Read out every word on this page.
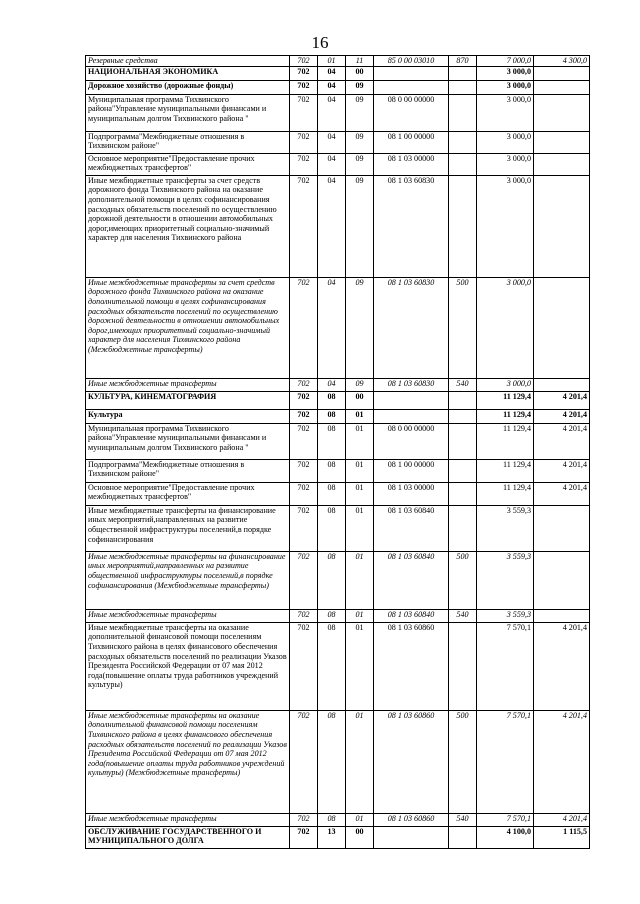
16
Резервные средства	702	01	11	85 0 00 03010	870	7 000,0	4 300,0
НАЦИОНАЛЬНАЯ ЭКОНОМИКА	702	04	00			3 000,0	
Дорожное хозяйство (дорожные фонды)	702	04	09			3 000,0	
Муниципальная программа Тихвинского района"Управление муниципальными финансами и муниципальным долгом Тихвинского района "	702	04	09	08 0 00 00000		3 000,0	
Подпрограмма"Межбюджетные отношения в Тихвинском районе"	702	04	09	08 1 00 00000		3 000,0	
Основное мероприятие"Предоставление прочих межбюджетных трансфертов"	702	04	09	08 1 03 00000		3 000,0	
Иные межбюджетные трансферты за счет средств дорожного фонда Тихвинского района на оказание дополнительной помощи в целях софинансирования расходных обязательств поселений по осуществлению дорожной деятельности в отношении автомобильных дорог,имеющих приоритетный социально-значимый характер для населения Тихвинского района	702	04	09	08 1 03 60830		3 000,0	
Иные межбюджетные трансферты за счет средств дорожного фонда Тихвинского района на оказание дополнительной помощи в целях софинансирования расходных обязательств поселений по осуществлению дорожной деятельности в отношении автомобильных дорог,имеющих приоритетный социально-значимый характер для населения Тихвинского района (Межбюджетные трансферты)	702	04	09	08 1 03 60830	500	3 000,0	
Иные межбюджетные трансферты	702	04	09	08 1 03 60830	540	3 000,0	
КУЛЬТУРА, КИНЕМАТОГРАФИЯ	702	08	00			11 129,4	4 201,4
Культура	702	08	01			11 129,4	4 201,4
Муниципальная программа Тихвинского района"Управление муниципальными финансами и муниципальным долгом Тихвинского района "	702	08	01	08 0 00 00000		11 129,4	4 201,4
Подпрограмма"Межбюджетные отношения в Тихвинском районе"	702	08	01	08 1 00 00000		11 129,4	4 201,4
Основное мероприятие"Предоставление прочих межбюджетных трансфертов"	702	08	01	08 1 03 00000		11 129,4	4 201,4
Иные межбюджетные трансферты на финансирование иных мероприятий,направленных на развитие общественной инфраструктуры поселений,в порядке софинансирования	702	08	01	08 1 03 60840		3 559,3	
Иные межбюджетные трансферты на финансирование иных мероприятий,направленных на развитие общественной инфраструктуры поселений,в порядке софинансирования (Межбюджетные трансферты)	702	08	01	08 1 03 60840	500	3 559,3	
Иные межбюджетные трансферты	702	08	01	08 1 03 60840	540	3 559,3	
Иные межбюджетные трансферты на оказание дополнительной финансовой помощи поселениям Тихвинского района в целях финансового обеспечения расходных обязательств поселений по реализации Указов Президента Российской Федерации от 07 мая 2012 года(повышение оплаты труда работников учреждений культуры)	702	08	01	08 1 03 60860		7 570,1	4 201,4
Иные межбюджетные трансферты на оказание дополнительной финансовой помощи поселениям Тихвинского района в целях финансового обеспечения расходных обязательств поселений по реализации Указов Президента Российской Федерации от 07 мая 2012 года(повышение оплаты труда работников учреждений культуры) (Межбюджетные трансферты)	702	08	01	08 1 03 60860	500	7 570,1	4 201,4
Иные межбюджетные трансферты	702	08	01	08 1 03 60860	540	7 570,1	4 201,4
ОБСЛУЖИВАНИЕ ГОСУДАРСТВЕННОГО И МУНИЦИПАЛЬНОГО ДОЛГА	702	13	00			4 100,0	1 115,5
